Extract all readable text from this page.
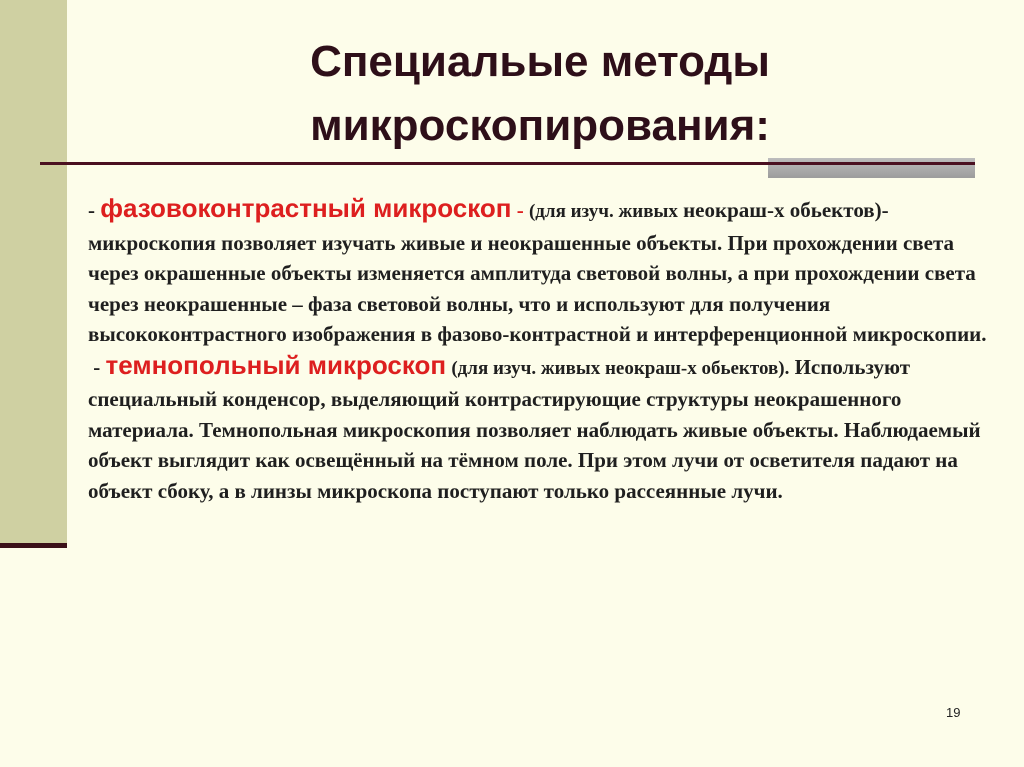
Специальые методы
микроскопирования:

- фазовоконтрастный микроскоп - (для изуч. живых неокраш-х обьектов)- микроскопия позволяет изучать живые и неокрашенные объекты. При прохождении света через окрашенные объекты изменяется амплитуда световой волны, а при прохождении света через неокрашенные – фаза световой волны, что и используют для получения высококонтрастного изображения в фазово-контрастной и интерференционной микроскопии.

- темнопольный микроскоп (для изуч. живых неокраш-х обьектов). Используют специальный конденсор, выделяющий контрастирующие структуры неокрашенного материала. Темнопольная микроскопия позволяет наблюдать живые объекты. Наблюдаемый объект выглядит как освещённый на тёмном поле. При этом лучи от осветителя падают на объект сбоку, а в линзы микроскопа поступают только рассеянные лучи.

19
